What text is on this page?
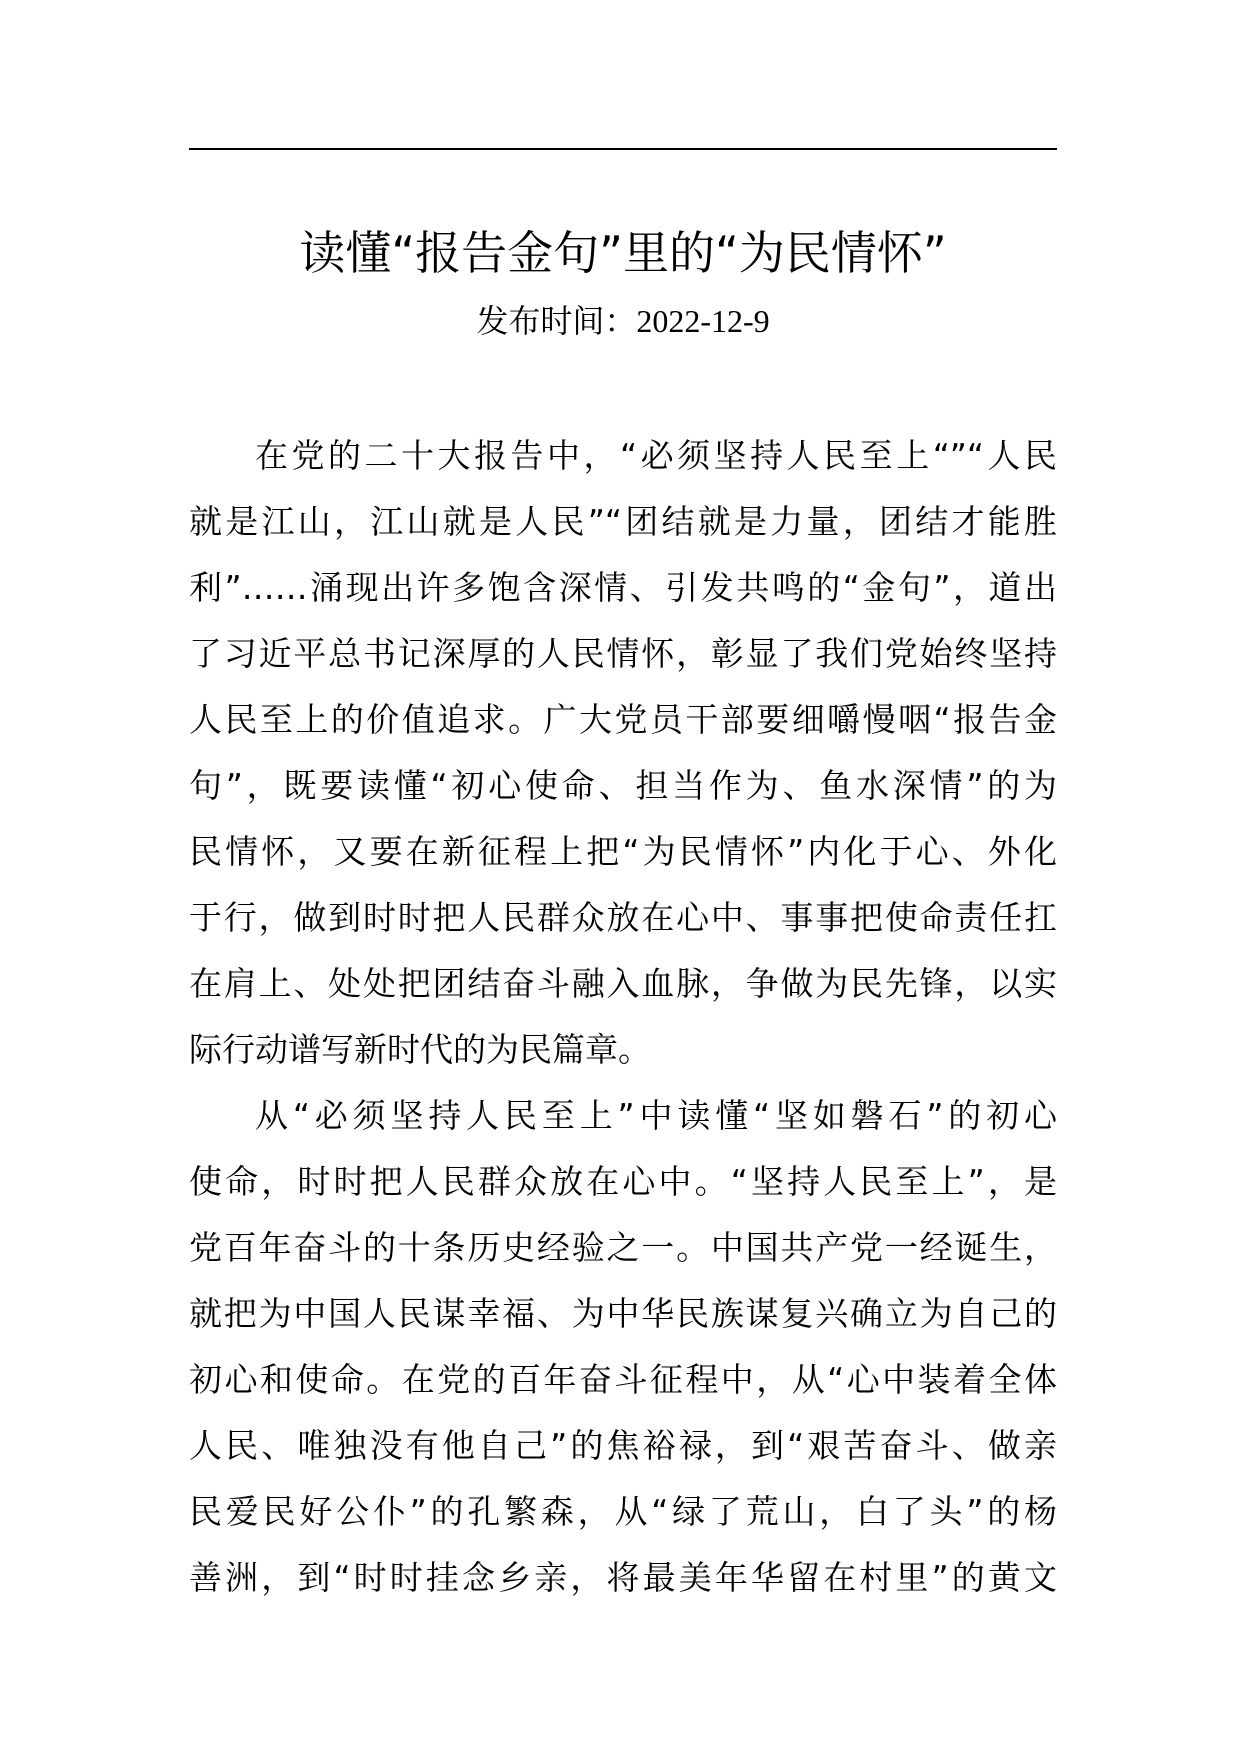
读懂“报告金句”里的“为民情怀”
发布时间：2022-12-9
在党的二十大报告中，“必须坚持人民至上“”“人民
就是江山，江山就是人民”“团结就是力量，团结才能胜
利”……涌现出许多饱含深情、引发共鸣的“金句”，道出
了习近平总书记深厚的人民情怀，彰显了我们党始终坚持
人民至上的价值追求。广大党员干部要细嚼慢咽“报告金
句”，既要读懂“初心使命、担当作为、鱼水深情”的为
民情怀，又要在新征程上把“为民情怀”内化于心、外化
于行，做到时时把人民群众放在心中、事事把使命责任扛
在肩上、处处把团结奋斗融入血脉，争做为民先锋，以实
际行动谱写新时代的为民篇章。
从“必须坚持人民至上”中读懂“坚如磐石”的初心
使命，时时把人民群众放在心中。“坚持人民至上”，是
党百年奋斗的十条历史经验之一。中国共产党一经诞生，
就把为中国人民谋幸福、为中华民族谋复兴确立为自己的
初心和使命。在党的百年奋斗征程中，从“心中装着全体
人民、唯独没有他自己”的焦裕禄，到“艰苦奋斗、做亲
民爱民好公仆”的孔繁森，从“绿了荒山，白了头”的杨
善洲，到“时时挂念乡亲，将最美年华留在村里”的黄文
